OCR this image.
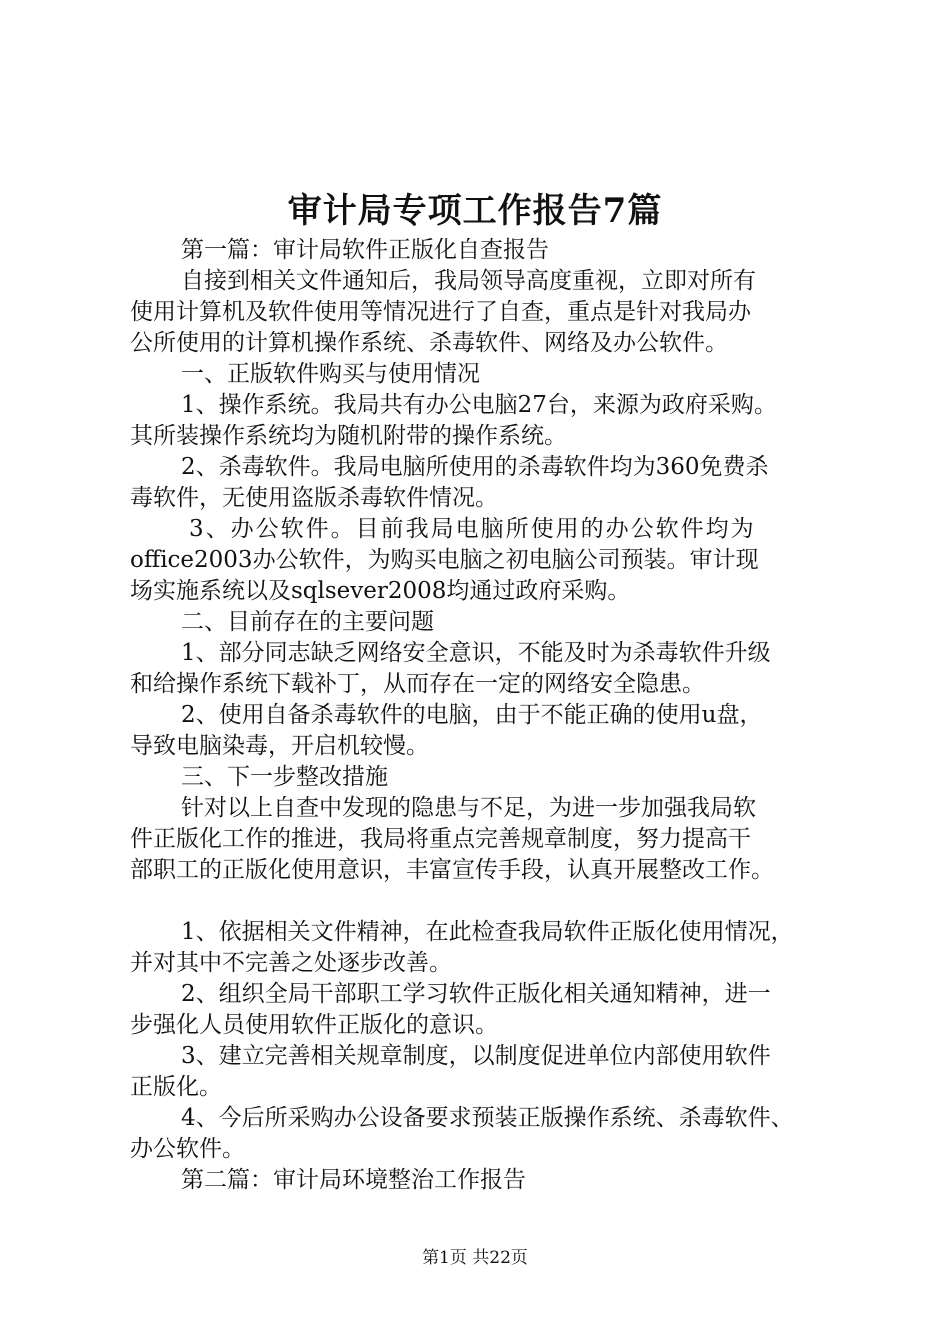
审计局专项工作报告7篇
第一篇：审计局软件正版化自查报告
自接到相关文件通知后，我局领导高度重视，立即对所有
使用计算机及软件使用等情况进行了自查，重点是针对我局办
公所使用的计算机操作系统、杀毒软件、网络及办公软件。
一、正版软件购买与使用情况
1、操作系统。我局共有办公电脑27台，来源为政府采购。
其所装操作系统均为随机附带的操作系统。
2、杀毒软件。我局电脑所使用的杀毒软件均为360免费杀
毒软件，无使用盗版杀毒软件情况。
3、办公软件。目前我局电脑所使用的办公软件均为
office2003办公软件，为购买电脑之初电脑公司预装。审计现
场实施系统以及sqlsever2008均通过政府采购。
二、目前存在的主要问题
1、部分同志缺乏网络安全意识，不能及时为杀毒软件升级
和给操作系统下载补丁，从而存在一定的网络安全隐患。
2、使用自备杀毒软件的电脑，由于不能正确的使用u盘，
导致电脑染毒，开启机较慢。
三、下一步整改措施
针对以上自查中发现的隐患与不足，为进一步加强我局软
件正版化工作的推进，我局将重点完善规章制度，努力提高干
部职工的正版化使用意识，丰富宣传手段，认真开展整改工作。
1、依据相关文件精神，在此检查我局软件正版化使用情况，
并对其中不完善之处逐步改善。
2、组织全局干部职工学习软件正版化相关通知精神，进一
步强化人员使用软件正版化的意识。
3、建立完善相关规章制度，以制度促进单位内部使用软件
正版化。
4、今后所采购办公设备要求预装正版操作系统、杀毒软件、
办公软件。
第二篇：审计局环境整治工作报告
第1页 共22页
